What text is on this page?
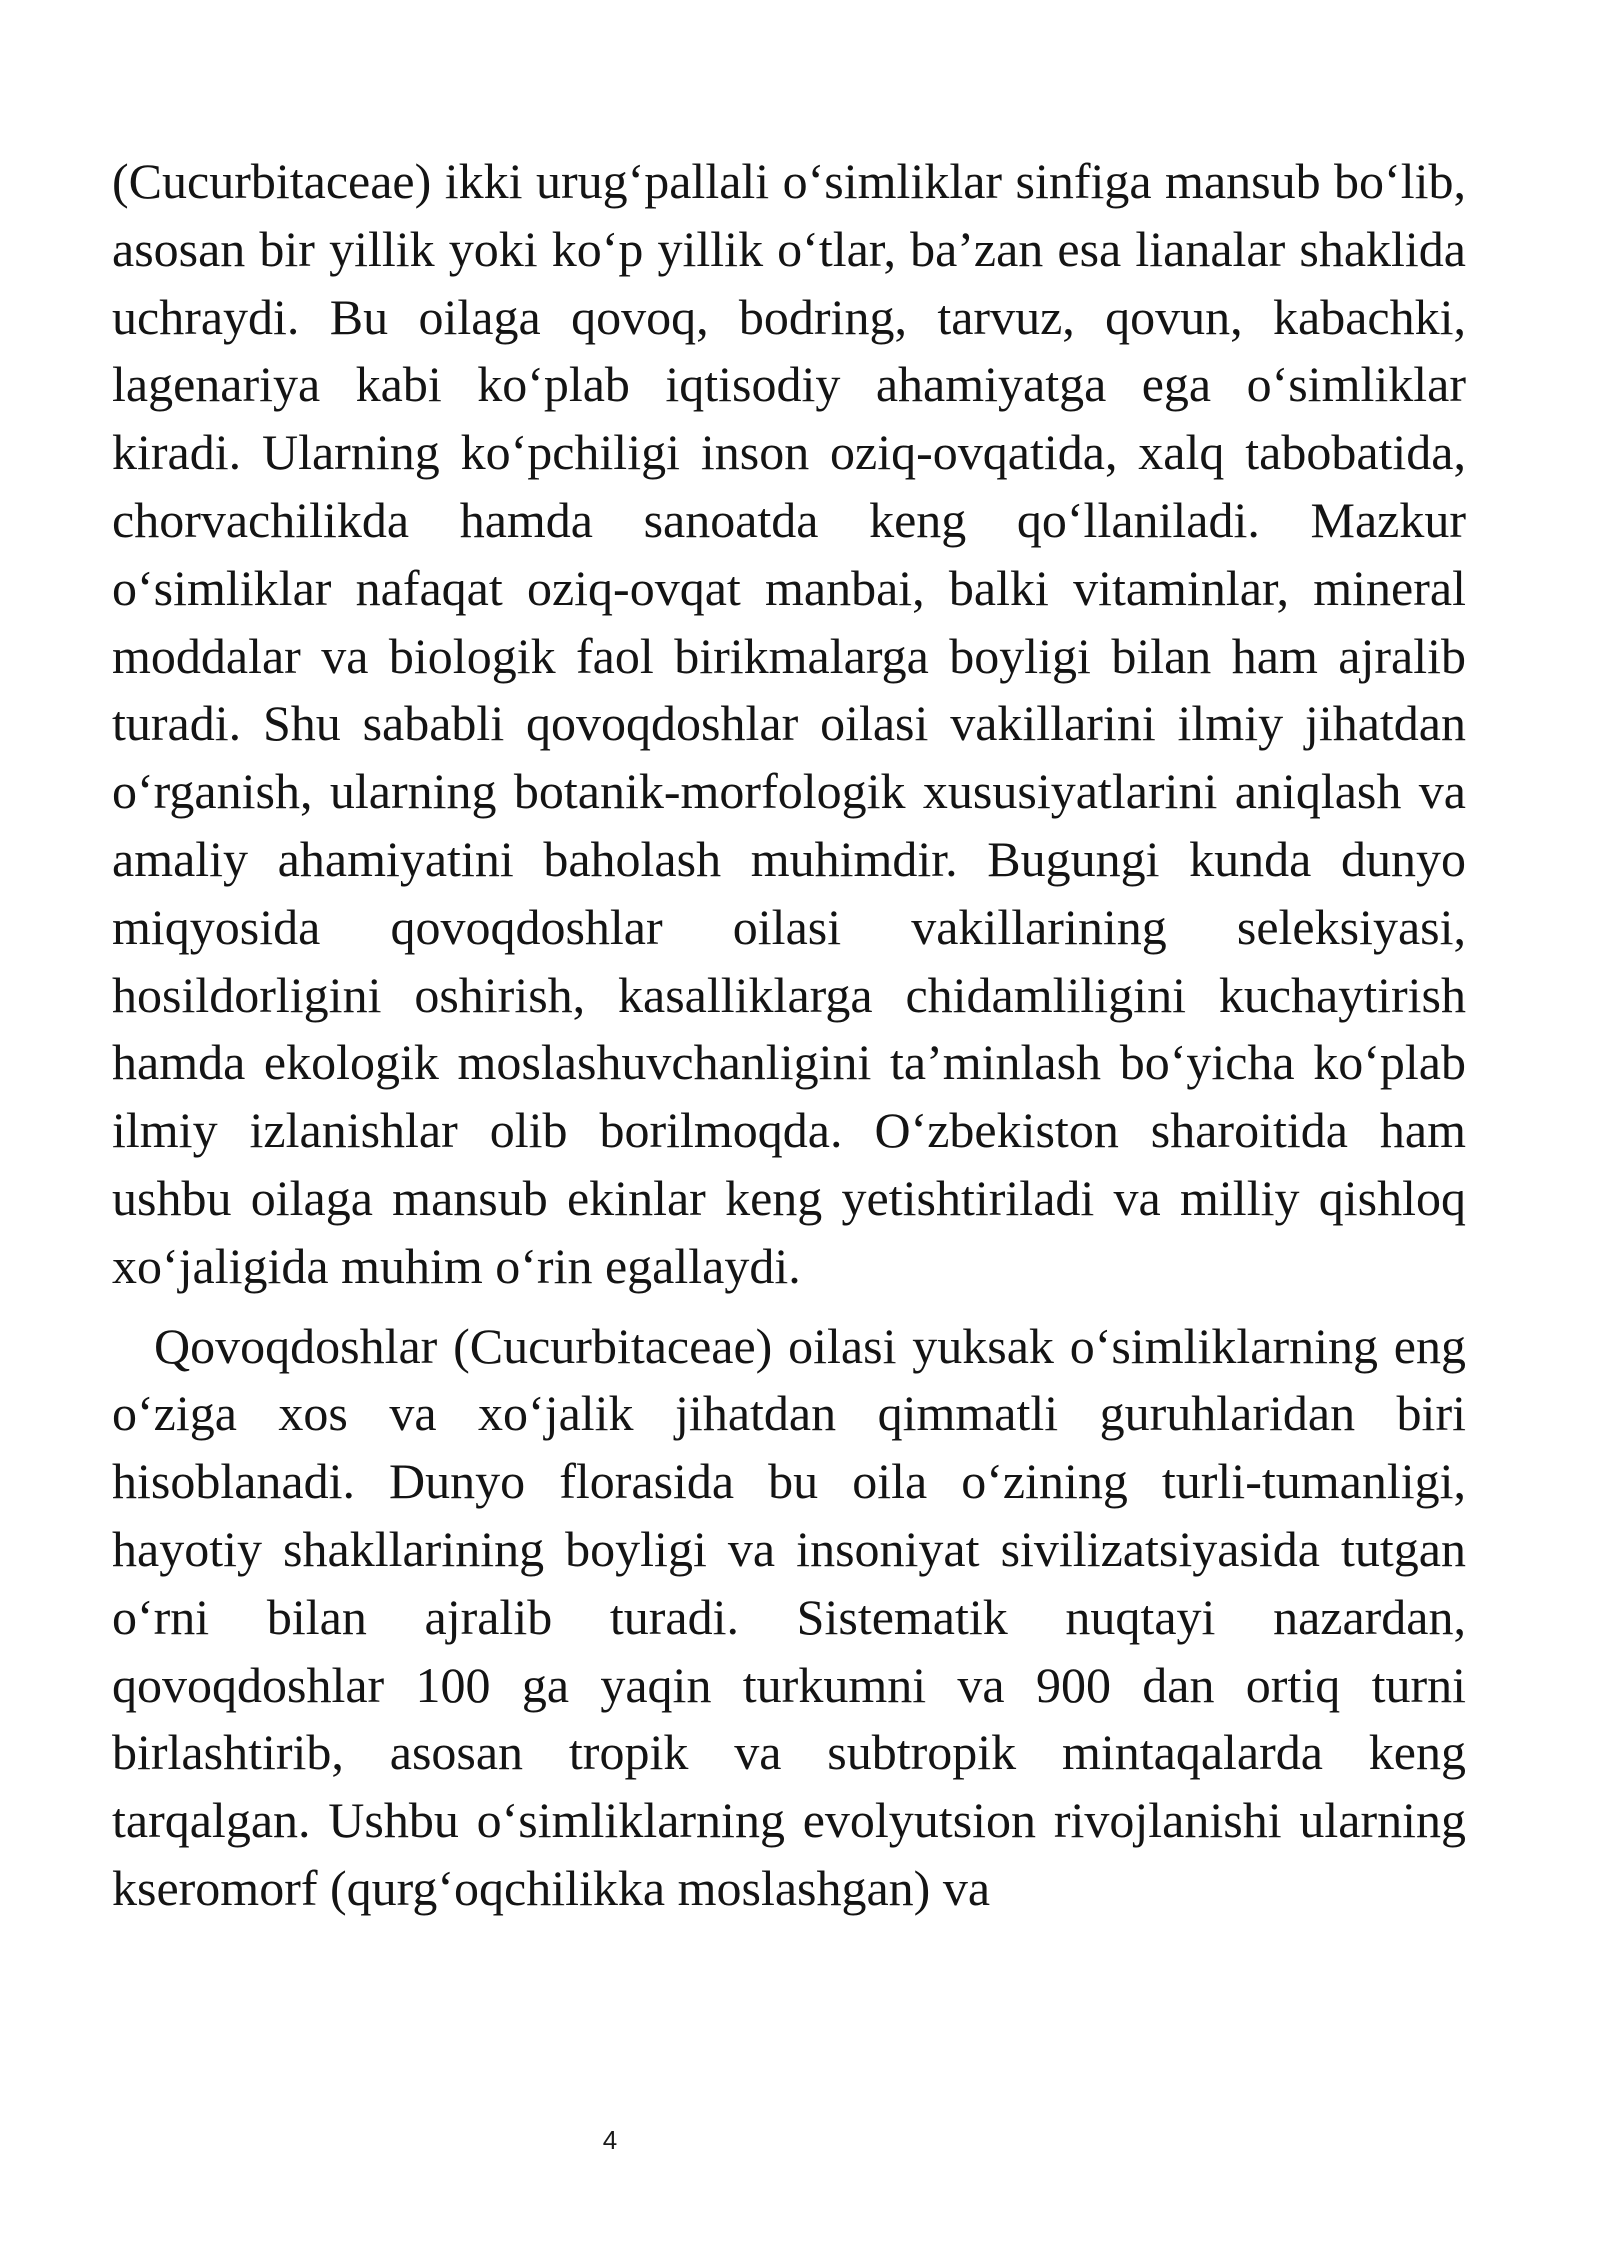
(Cucurbitaceae) ikki urug‘pallali o‘simliklar sinfiga mansub bo‘lib, asosan bir yillik yoki ko‘p yillik o‘tlar, ba’zan esa lianalar shaklida uchraydi. Bu oilaga qovoq, bodring, tarvuz, qovun, kabachki, lagenariya kabi ko‘plab iqtisodiy ahamiyatga ega o‘simliklar kiradi. Ularning ko‘pchiligi inson oziq-ovqatida, xalq tabobatida, chorvachilikda hamda sanoatda keng qo‘llaniladi. Mazkur o‘simliklar nafaqat oziq-ovqat manbai, balki vitaminlar, mineral moddalar va biologik faol birikmalarga boyligi bilan ham ajralib turadi. Shu sababli qovoqdoshlar oilasi vakillarini ilmiy jihatdan o‘rganish, ularning botanik-morfologik xususiyatlarini aniqlash va amaliy ahamiyatini baholash muhimdir. Bugungi kunda dunyo miqyosida qovoqdoshlar oilasi vakillarining seleksiyasi, hosildorligini oshirish, kasalliklarga chidamliligini kuchaytirish hamda ekologik moslashuvchanligini ta’minlash bo‘yicha ko‘plab ilmiy izlanishlar olib borilmoqda. O‘zbekiston sharoitida ham ushbu oilaga mansub ekinlar keng yetishtiriladi va milliy qishloq xo‘jaligida muhim o‘rin egallaydi.

Qovoqdoshlar (Cucurbitaceae) oilasi yuksak o‘simliklarning eng o‘ziga xos va xo‘jalik jihatdan qimmatli guruhlaridan biri hisoblanadi. Dunyo florasida bu oila o‘zining turli-tumanligi, hayotiy shakllarining boyligi va insoniyat sivilizatsiyasida tutgan o‘rni bilan ajralib turadi. Sistematik nuqtayi nazardan, qovoqdoshlar 100 ga yaqin turkumni va 900 dan ortiq turni birlashtirib, asosan tropik va subtropik mintaqalarda keng tarqalgan. Ushbu o‘simliklarning evolyutsion rivojlanishi ularning kseromorf (qurg‘oqchilikka moslashgan) va

4
